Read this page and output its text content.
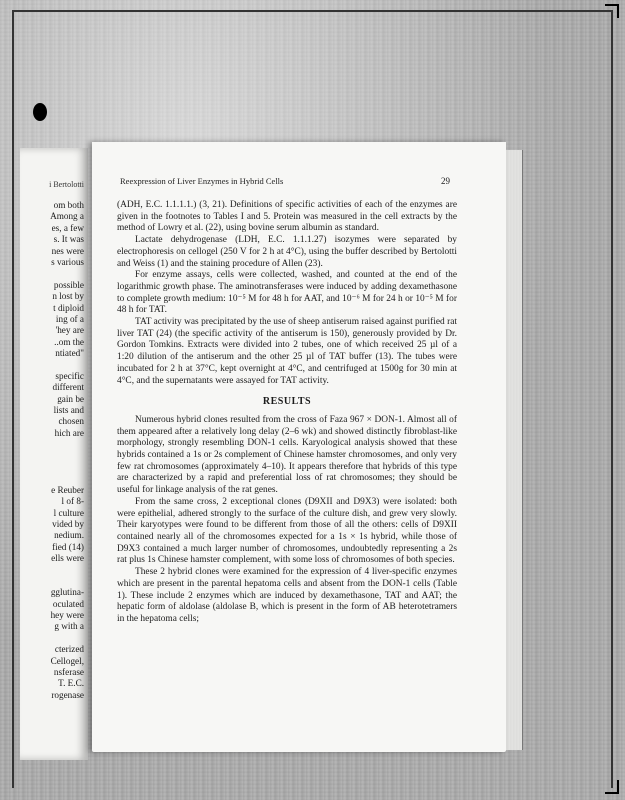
i Bertolotti
om both
Among a
es, a few
s. It was
nes were
s various
possible
n lost by
t diploid
ing of a
'hey are
..om the
ntiated"
specific
different
gain be
lists and
chosen
hich are
e Reuber
l of 8-
l culture
vided by
nedium.
fied (14)
ells were
gglutina-
oculated
hey were
g with a
cterized
Cellogel,
nsferase
T. E.C.
rogenase
Reexpression of Liver Enzymes in Hybrid Cells	29

(ADH, E.C. 1.1.1.1.) (3, 21). Definitions of specific activities of each of the enzymes are given in the footnotes to Tables I and 5. Protein was measured in the cell extracts by the method of Lowry et al. (22), using bovine serum albumin as standard.

Lactate dehydrogenase (LDH, E.C. 1.1.1.27) isozymes were separated by electrophoresis on cellogel (250 V for 2 h at 4°C), using the buffer described by Bertolotti and Weiss (1) and the staining procedure of Allen (23).

For enzyme assays, cells were collected, washed, and counted at the end of the logarithmic growth phase. The aminotransferases were induced by adding dexamethasone to complete growth medium: 10⁻⁵ M for 48 h for AAT, and 10⁻⁶ M for 24 h or 10⁻⁵ M for 48 h for TAT.

TAT activity was precipitated by the use of sheep antiserum raised against purified rat liver TAT (24) (the specific activity of the antiserum is 150), generously provided by Dr. Gordon Tomkins. Extracts were divided into 2 tubes, one of which received 25 µl of a 1:20 dilution of the antiserum and the other 25 µl of TAT buffer (13). The tubes were incubated for 2 h at 37°C, kept overnight at 4°C, and centrifuged at 1500g for 30 min at 4°C, and the supernatants were assayed for TAT activity.

RESULTS

Numerous hybrid clones resulted from the cross of Faza 967 × DON-1. Almost all of them appeared after a relatively long delay (2–6 wk) and showed distinctly fibroblast-like morphology, strongly resembling DON-1 cells. Karyological analysis showed that these hybrids contained a 1s or 2s complement of Chinese hamster chromosomes, and only very few rat chromosomes (approximately 4–10). It appears therefore that hybrids of this type are characterized by a rapid and preferential loss of rat chromosomes; they should be useful for linkage analysis of the rat genes.

From the same cross, 2 exceptional clones (D9XII and D9X3) were isolated: both were epithelial, adhered strongly to the surface of the culture dish, and grew very slowly. Their karyotypes were found to be different from those of all the others: cells of D9XII contained nearly all of the chromosomes expected for a 1s × 1s hybrid, while those of D9X3 contained a much larger number of chromosomes, undoubtedly representing a 2s rat plus 1s Chinese hamster complement, with some loss of chromosomes of both species.

These 2 hybrid clones were examined for the expression of 4 liver-specific enzymes which are present in the parental hepatoma cells and absent from the DON-1 cells (Table 1). These include 2 enzymes which are induced by dexamethasone, TAT and AAT; the hepatic form of aldolase (aldolase B, which is present in the form of AB heterotetramers in the hepatoma cells;
